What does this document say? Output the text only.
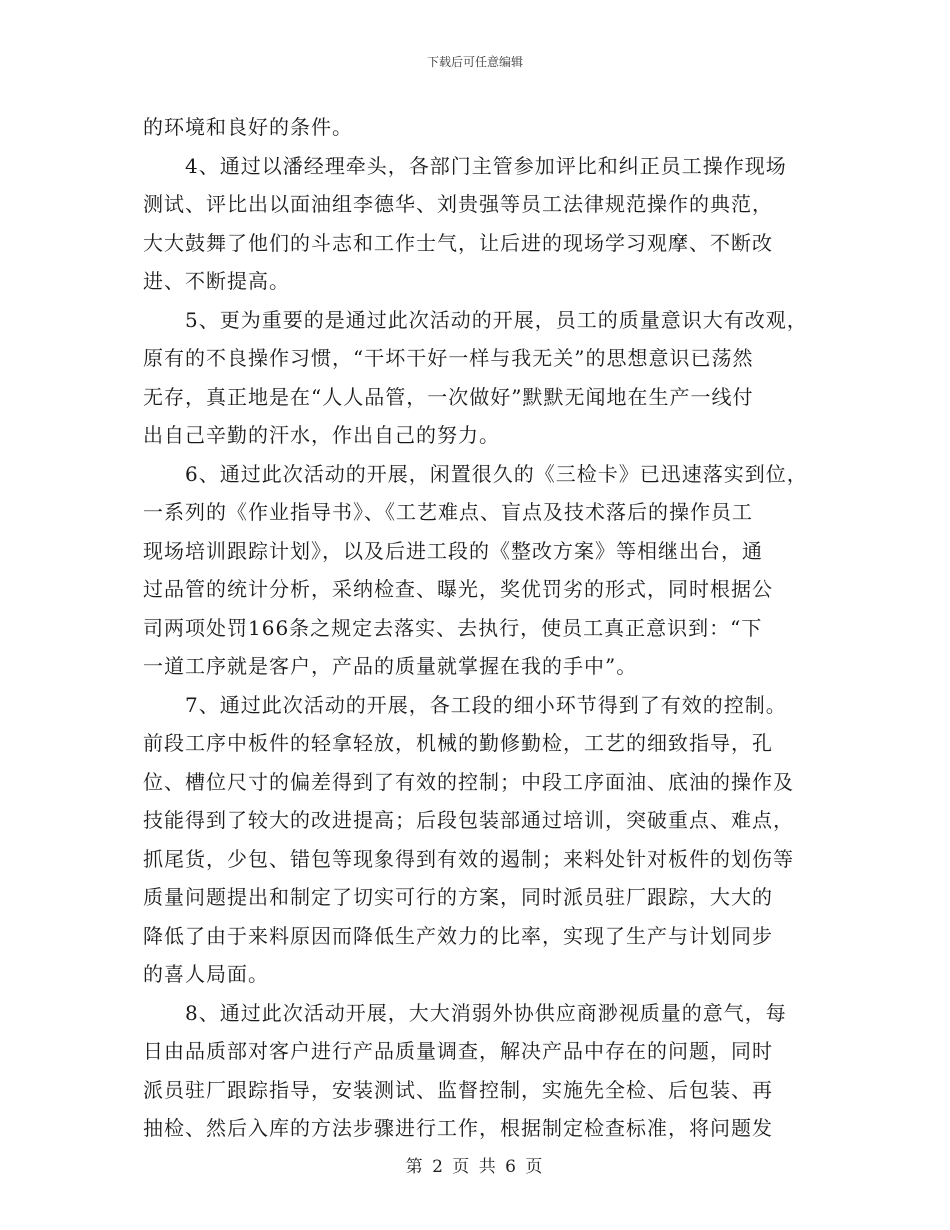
下载后可任意编辑
的环境和良好的条件。
　　4、通过以潘经理牵头，各部门主管参加评比和纠正员工操作现场
测试、评比出以面油组李德华、刘贵强等员工法律规范操作的典范，
大大鼓舞了他们的斗志和工作士气，让后进的现场学习观摩、不断改
进、不断提高。
　　5、更为重要的是通过此次活动的开展，员工的质量意识大有改观，
原有的不良操作习惯，“干坏干好一样与我无关”的思想意识已荡然
无存，真正地是在“人人品管，一次做好”默默无闻地在生产一线付
出自己辛勤的汗水，作出自己的努力。
　　6、通过此次活动的开展，闲置很久的《三检卡》已迅速落实到位，
一系列的《作业指导书》、《工艺难点、盲点及技术落后的操作员工
现场培训跟踪计划》，以及后进工段的《整改方案》等相继出台，通
过品管的统计分析，采纳检查、曝光，奖优罚劣的形式，同时根据公
司两项处罚166条之规定去落实、去执行，使员工真正意识到：“下
一道工序就是客户，产品的质量就掌握在我的手中”。
　　7、通过此次活动的开展，各工段的细小环节得到了有效的控制。
前段工序中板件的轻拿轻放，机械的勤修勤检，工艺的细致指导，孔
位、槽位尺寸的偏差得到了有效的控制；中段工序面油、底油的操作及
技能得到了较大的改进提高；后段包装部通过培训，突破重点、难点，
抓尾货，少包、错包等现象得到有效的遏制；来料处针对板件的划伤等
质量问题提出和制定了切实可行的方案，同时派员驻厂跟踪，大大的
降低了由于来料原因而降低生产效力的比率，实现了生产与计划同步
的喜人局面。
　　8、通过此次活动开展，大大消弱外协供应商渺视质量的意气，每
日由品质部对客户进行产品质量调查，解决产品中存在的问题，同时
派员驻厂跟踪指导，安装测试、监督控制，实施先全检、后包装、再
抽检、然后入库的方法步骤进行工作，根据制定检查标准，将问题发
第 2 页 共 6 页
